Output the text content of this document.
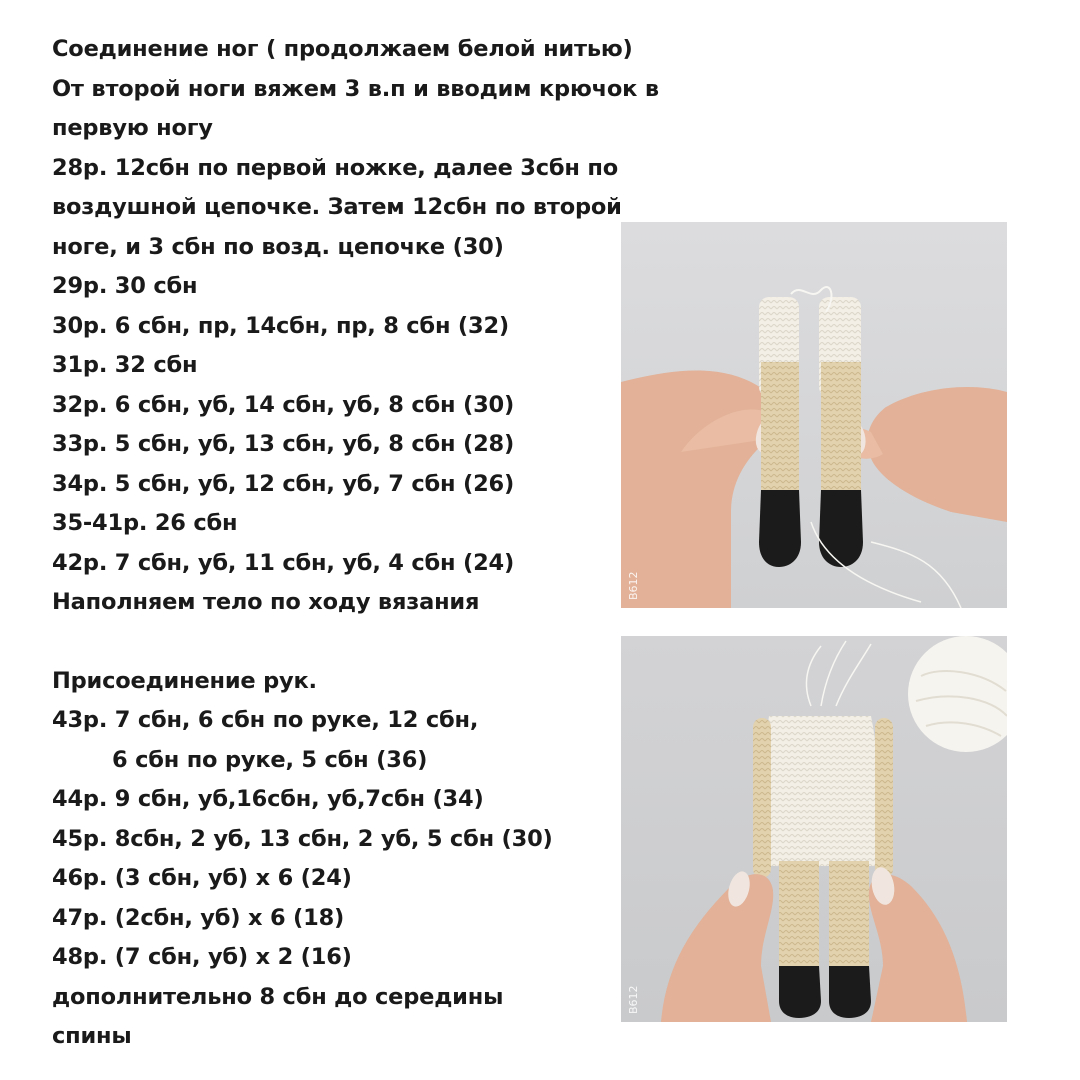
Соединение ног ( продолжаем белой нитью)
От второй ноги вяжем 3 в.п и вводим крючок в
первую ногу
28р. 12сбн по первой ножке, далее 3сбн по
воздушной цепочке. Затем 12сбн по второй
ноге, и 3 сбн по возд. цепочке (30)
29р. 30 сбн
30р. 6 сбн, пр, 14сбн, пр, 8 сбн (32)
31р. 32 сбн
32р. 6 сбн, уб, 14 сбн, уб, 8 сбн (30)
33р. 5 сбн, уб, 13 сбн, уб, 8 сбн (28)
34р. 5 сбн, уб, 12 сбн, уб, 7 сбн (26)
35-41р. 26 сбн
42р. 7 сбн, уб, 11 сбн, уб, 4 сбн (24)
Наполняем тело по ходу вязания
Присоединение рук.
43р. 7 сбн, 6 сбн по руке, 12 сбн,
6 сбн по руке, 5 сбн (36)
44р. 9 сбн, уб,16сбн, уб,7сбн (34)
45р. 8сбн, 2 уб, 13 сбн, 2 уб, 5 сбн (30)
46р. (3 сбн, уб) х 6 (24)
47р. (2сбн, уб) х 6 (18)
48р. (7 сбн, уб) х 2 (16)
дополнительно 8 сбн до середины
спины
B612
B612
